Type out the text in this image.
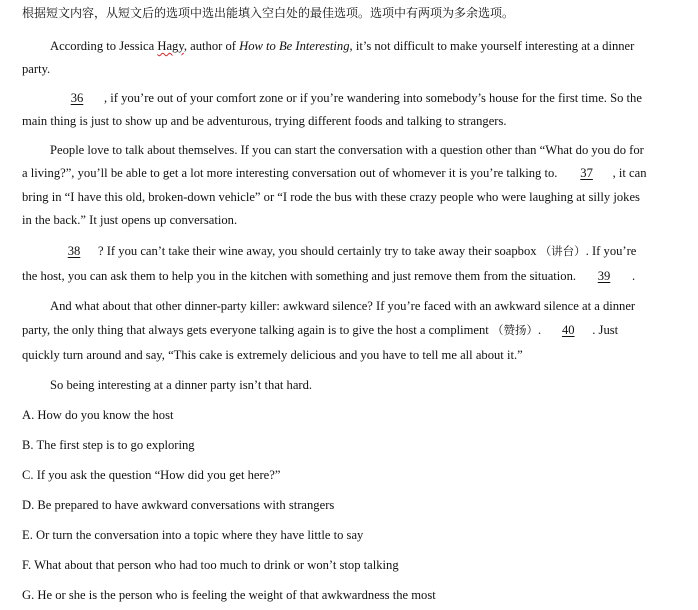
根据短文内容，从短文后的选项中选出能填入空白处的最佳选项。选项中有两项为多余选项。
According to Jessica Hagy, author of How to Be Interesting, it’s not difficult to make yourself interesting at a dinner
party.
36 , if you’re out of your comfort zone or if you’re wandering into somebody’s house for the first time. So the
main thing is just to show up and be adventurous, trying different foods and talking to strangers.
People love to talk about themselves. If you can start the conversation with a question other than “What do you do for
a living?”, you’ll be able to get a lot more interesting conversation out of whomever it is you’re talking to. 37 , it can
bring in “I have this old, broken-down vehicle” or “I rode the bus with these crazy people who were laughing at silly jokes
in the back.” It just opens up conversation.
38 ? If you can’t take their wine away, you should certainly try to take away their soapbox （讲台）. If you’re
the host, you can ask them to help you in the kitchen with something and just remove them from the situation. 39 .
And what about that other dinner-party killer: awkward silence? If you’re faced with an awkward silence at a dinner
party, the only thing that always gets everyone talking again is to give the host a compliment （赞扬）. 40 . Just
quickly turn around and say, “This cake is extremely delicious and you have to tell me all about it.”
So being interesting at a dinner party isn’t that hard.
A. How do you know the host
B. The first step is to go exploring
C. If you ask the question “How did you get here?”
D. Be prepared to have awkward conversations with strangers
E. Or turn the conversation into a topic where they have little to say
F. What about that person who had too much to drink or won’t stop talking
G. He or she is the person who is feeling the weight of that awkwardness the most
